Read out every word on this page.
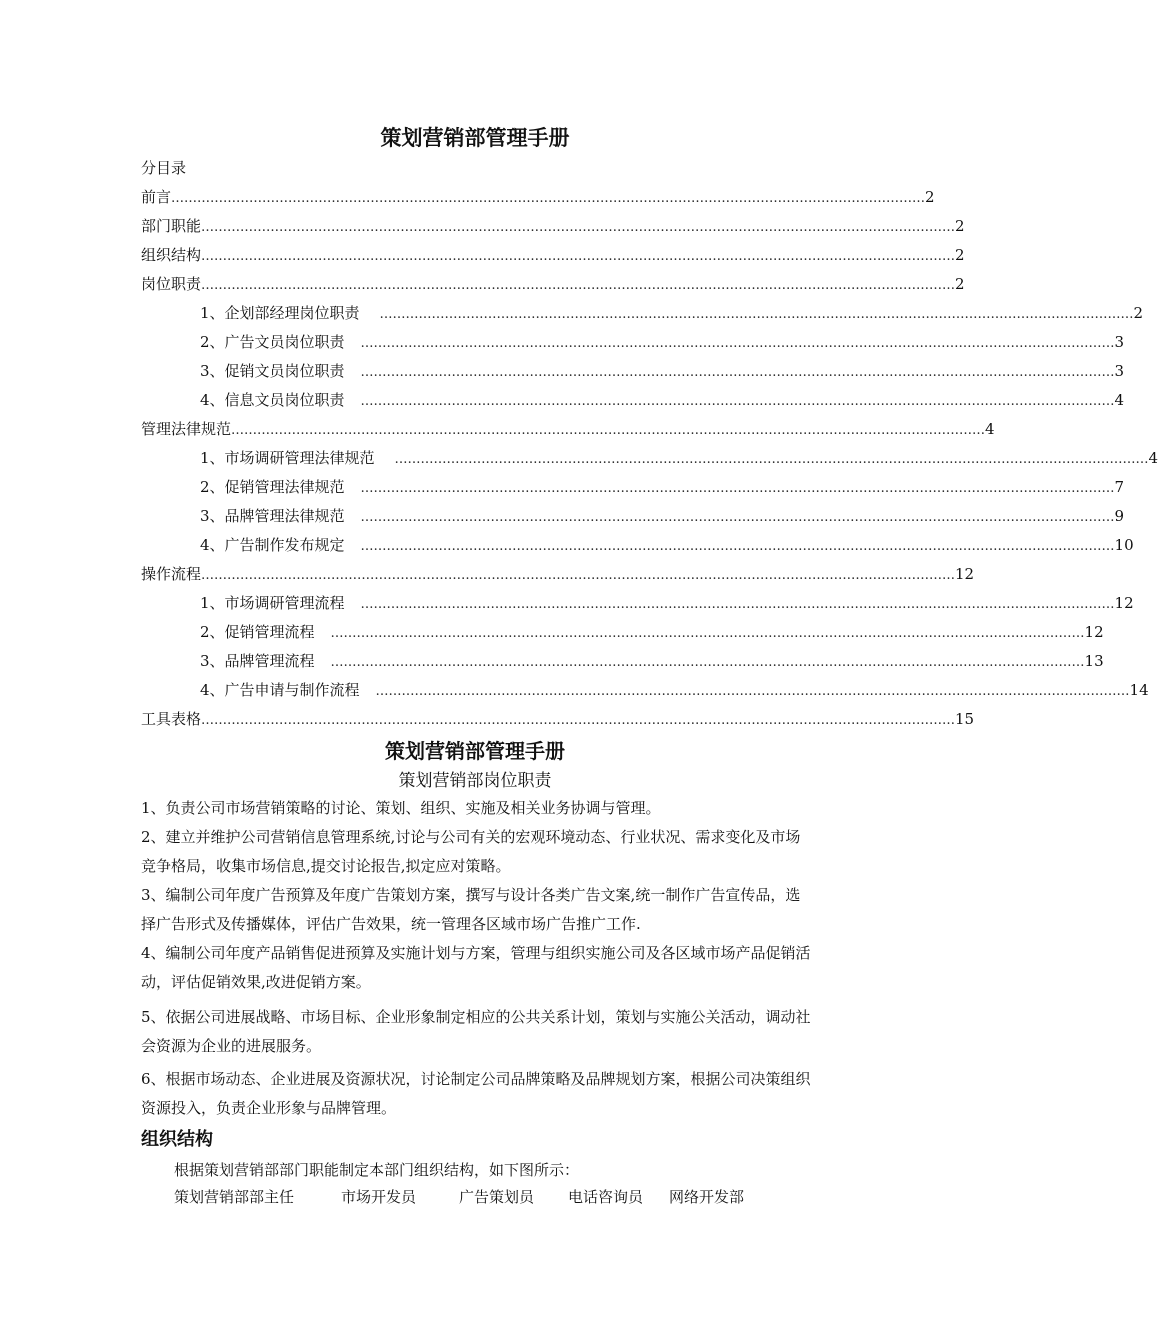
策划营销部管理手册
分目录
前言 ………………………………………………………………………………………………………………………………………………………… 2
部门职能 ………………………………………………………………………………………………………………………………………………………… 2
组织结构 ………………………………………………………………………………………………………………………………………………………… 2
岗位职责 ………………………………………………………………………………………………………………………………………………………… 2
1、企划部经理岗位职责 ………………………………………………………………………………………………………………………………………………………… 2
2、广告文员岗位职责 ………………………………………………………………………………………………………………………………………………………… 3
3、促销文员岗位职责 ………………………………………………………………………………………………………………………………………………………… 3
4、信息文员岗位职责 ………………………………………………………………………………………………………………………………………………………… 4
管理法律规范 ………………………………………………………………………………………………………………………………………………………… 4
1、市场调研管理法律规范 ………………………………………………………………………………………………………………………………………………………… 4
2、促销管理法律规范 ………………………………………………………………………………………………………………………………………………………… 7
3、品牌管理法律规范 ………………………………………………………………………………………………………………………………………………………… 9
4、广告制作发布规定 ………………………………………………………………………………………………………………………………………………………… 10
操作流程 ………………………………………………………………………………………………………………………………………………………… 12
1、市场调研管理流程 ………………………………………………………………………………………………………………………………………………………… 12
2、促销管理流程 ………………………………………………………………………………………………………………………………………………………… 12
3、品牌管理流程 ………………………………………………………………………………………………………………………………………………………… 13
4、广告申请与制作流程 ………………………………………………………………………………………………………………………………………………………… 14
工具表格 ………………………………………………………………………………………………………………………………………………………… 15
策划营销部管理手册
策划营销部岗位职责
1、负责公司市场营销策略的讨论、策划、组织、实施及相关业务协调与管理。
2、建立并维护公司营销信息管理系统,讨论与公司有关的宏观环境动态、行业状况、需求变化及市场竞争格局，收集市场信息,提交讨论报告,拟定应对策略。
3、编制公司年度广告预算及年度广告策划方案，撰写与设计各类广告文案,统一制作广告宣传品，选择广告形式及传播媒体，评估广告效果，统一管理各区域市场广告推广工作.
4、编制公司年度产品销售促进预算及实施计划与方案，管理与组织实施公司及各区域市场产品促销活动，评估促销效果,改进促销方案。
5、依据公司进展战略、市场目标、企业形象制定相应的公共关系计划，策划与实施公关活动，调动社会资源为企业的进展服务。
6、根据市场动态、企业进展及资源状况，讨论制定公司品牌策略及品牌规划方案，根据公司决策组织资源投入，负责企业形象与品牌管理。
组织结构
根据策划营销部部门职能制定本部门组织结构，如下图所示：
策划营销部部主任	市场开发员	广告策划员 电话咨询员 网络开发部
